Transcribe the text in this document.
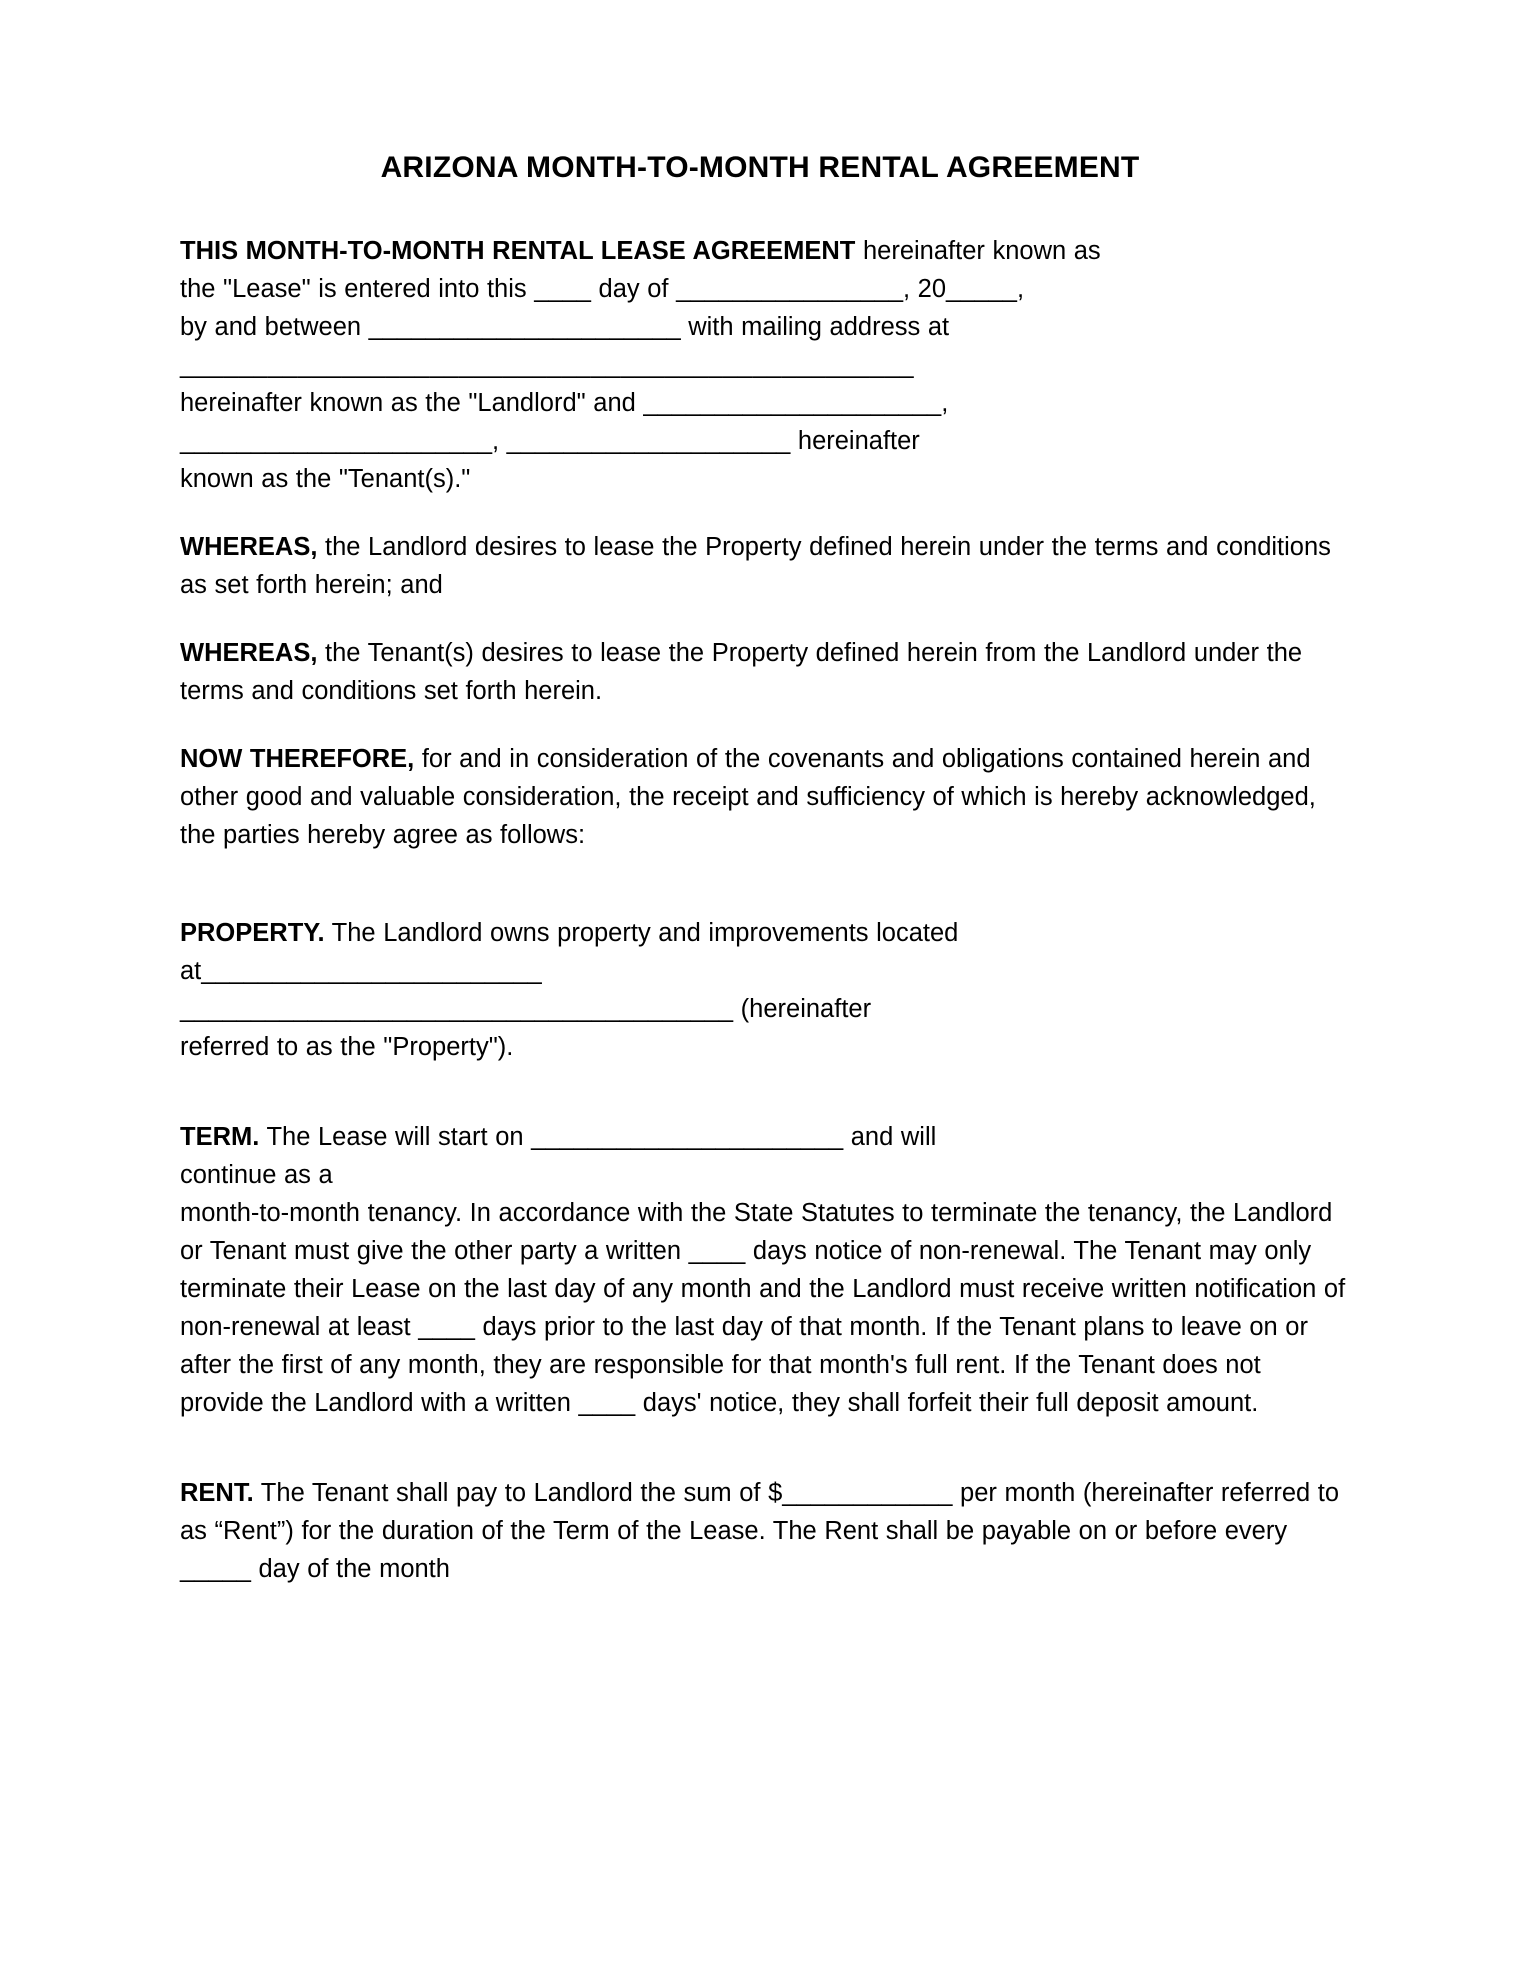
ARIZONA MONTH-TO-MONTH RENTAL AGREEMENT

THIS MONTH-TO-MONTH RENTAL LEASE AGREEMENT hereinafter known as
the "Lease" is entered into this ____ day of ________________, 20_____,
by and between ______________________ with mailing address at
__________________________________________________
hereinafter known as the "Landlord" and _____________________,
______________________, ____________________ hereinafter
known as the "Tenant(s)."

WHEREAS, the Landlord desires to lease the Property defined herein under the terms and conditions as set forth herein; and

WHEREAS, the Tenant(s) desires to lease the Property defined herein from the Landlord under the terms and conditions set forth herein.

NOW THEREFORE, for and in consideration of the covenants and obligations contained herein and other good and valuable consideration, the receipt and sufficiency of which is hereby acknowledged, the parties hereby agree as follows:

PROPERTY. The Landlord owns property and improvements located
at________________________
_______________________________________ (hereinafter
referred to as the "Property").

TERM. The Lease will start on ______________________ and will
continue as a

month-to-month tenancy. In accordance with the State Statutes to terminate the tenancy, the Landlord or Tenant must give the other party a written ____ days notice of non-renewal. The Tenant may only terminate their Lease on the last day of any month and the Landlord must receive written notification of non-renewal at least ____ days prior to the last day of that month. If the Tenant plans to leave on or after the first of any month, they are responsible for that month's full rent. If the Tenant does not provide the Landlord with a written ____ days' notice, they shall forfeit their full deposit amount.

RENT. The Tenant shall pay to Landlord the sum of $____________ per month (hereinafter referred to as “Rent”) for the duration of the Term of the Lease. The Rent shall be payable on or before every _____ day of the month
